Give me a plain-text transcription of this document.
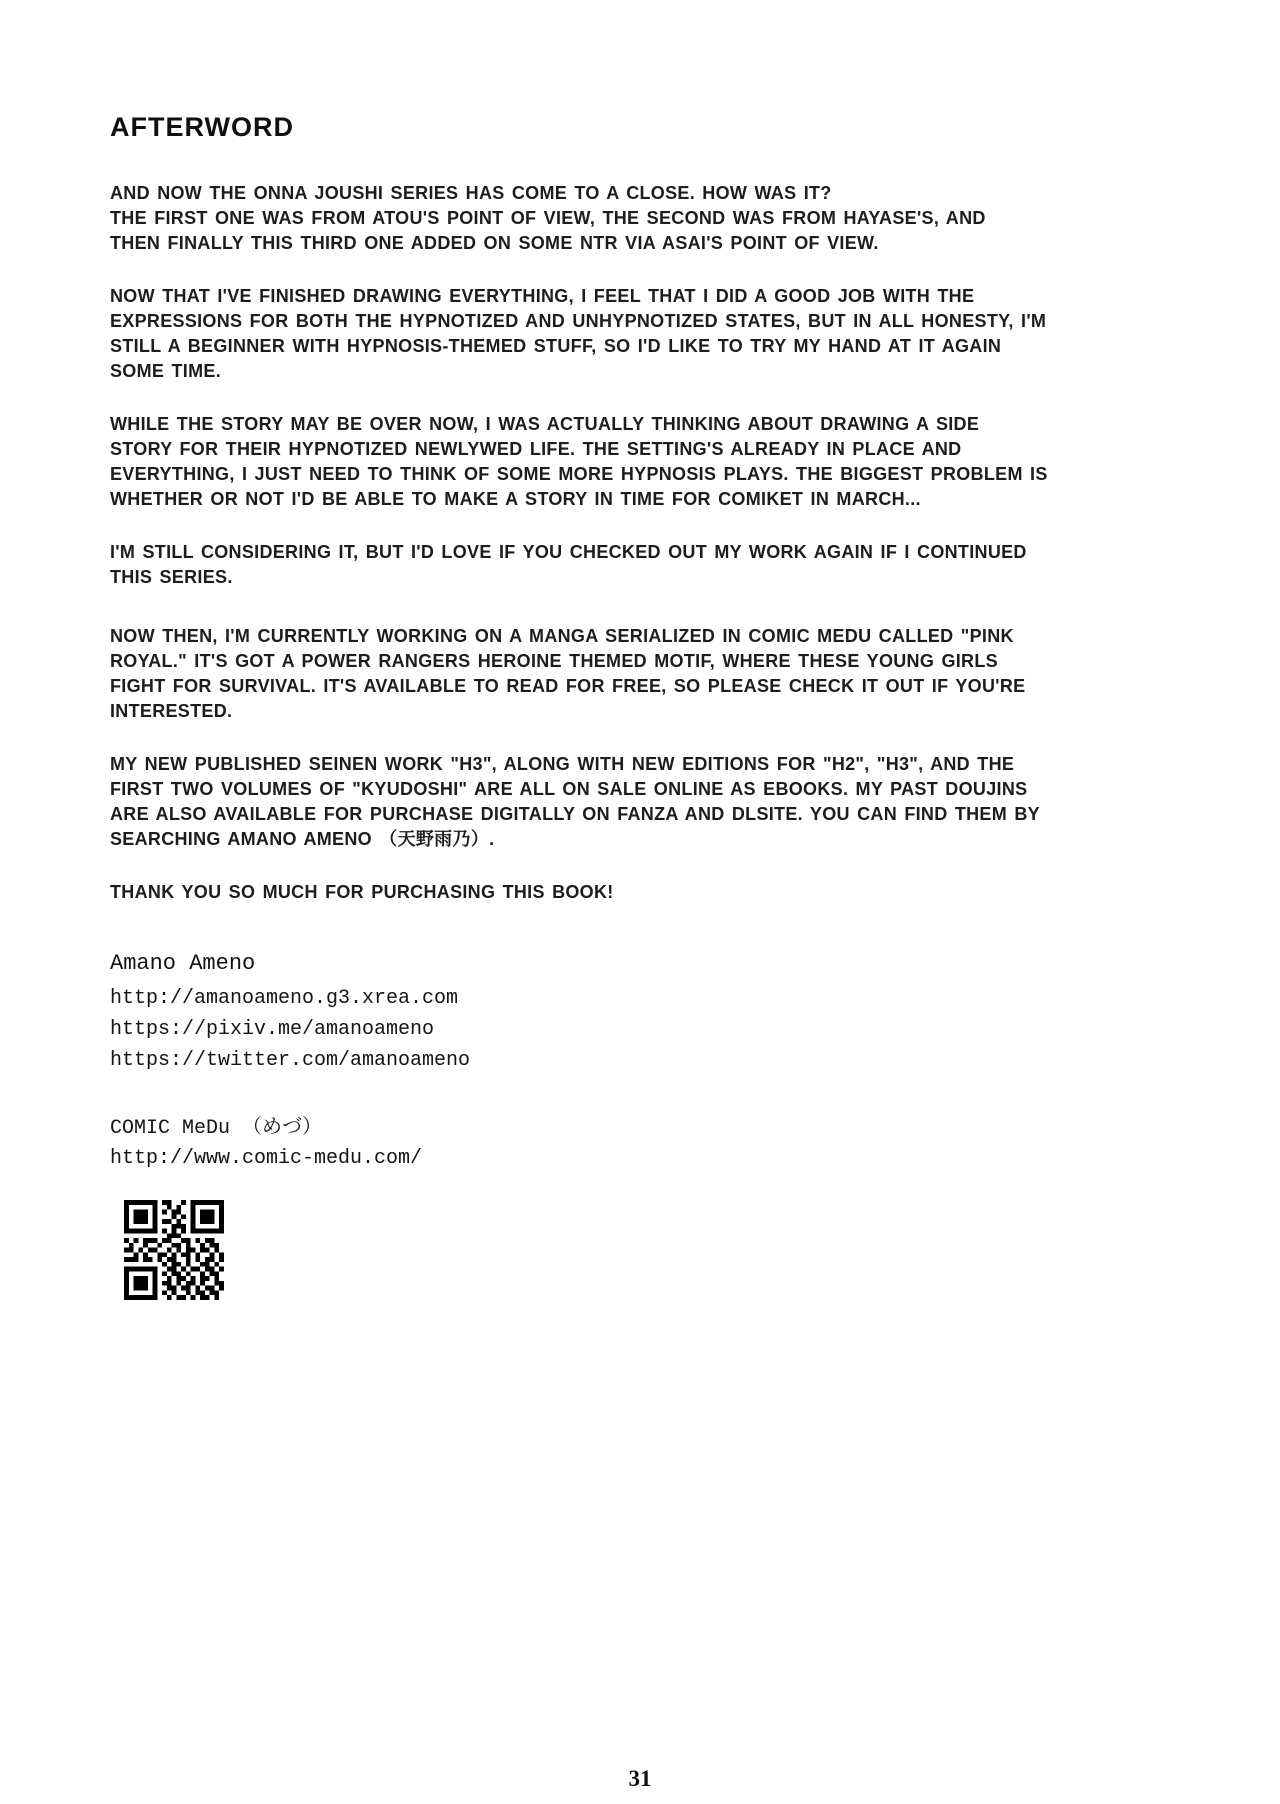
AFTERWORD

AND NOW THE ONNA JOUSHI SERIES HAS COME TO A CLOSE. HOW WAS IT?
THE FIRST ONE WAS FROM ATOU'S POINT OF VIEW, THE SECOND WAS FROM HAYASE'S, AND
THEN FINALLY THIS THIRD ONE ADDED ON SOME NTR VIA ASAI'S POINT OF VIEW.

NOW THAT I'VE FINISHED DRAWING EVERYTHING, I FEEL THAT I DID A GOOD JOB WITH THE
EXPRESSIONS FOR BOTH THE HYPNOTIZED AND UNHYPNOTIZED STATES, BUT IN ALL HONESTY, I'M
STILL A BEGINNER WITH HYPNOSIS-THEMED STUFF, SO I'D LIKE TO TRY MY HAND AT IT AGAIN
SOME TIME.

WHILE THE STORY MAY BE OVER NOW, I WAS ACTUALLY THINKING ABOUT DRAWING A SIDE
STORY FOR THEIR HYPNOTIZED NEWLYWED LIFE. THE SETTING'S ALREADY IN PLACE AND
EVERYTHING, I JUST NEED TO THINK OF SOME MORE HYPNOSIS PLAYS. THE BIGGEST PROBLEM IS
WHETHER OR NOT I'D BE ABLE TO MAKE A STORY IN TIME FOR COMIKET IN MARCH...

I'M STILL CONSIDERING IT, BUT I'D LOVE IF YOU CHECKED OUT MY WORK AGAIN IF I CONTINUED
THIS SERIES.

NOW THEN, I'M CURRENTLY WORKING ON A MANGA SERIALIZED IN COMIC MEDU CALLED "PINK
ROYAL." IT'S GOT A POWER RANGERS HEROINE THEMED MOTIF, WHERE THESE YOUNG GIRLS
FIGHT FOR SURVIVAL. IT'S AVAILABLE TO READ FOR FREE, SO PLEASE CHECK IT OUT IF YOU'RE
INTERESTED.

MY NEW PUBLISHED SEINEN WORK "H3", ALONG WITH NEW EDITIONS FOR "H2", "H3", AND THE
FIRST TWO VOLUMES OF "KYUDOSHI" ARE ALL ON SALE ONLINE AS EBOOKS. MY PAST DOUJINS
ARE ALSO AVAILABLE FOR PURCHASE DIGITALLY ON FANZA AND DLSITE. YOU CAN FIND THEM BY
SEARCHING AMANO AMENO （天野雨乃）.

THANK YOU SO MUCH FOR PURCHASING THIS BOOK!

Amano Ameno
http://amanoameno.g3.xrea.com
https://pixiv.me/amanoameno
https://twitter.com/amanoameno
COMIC MeDu （めづ）
http://www.comic-medu.com/
31
